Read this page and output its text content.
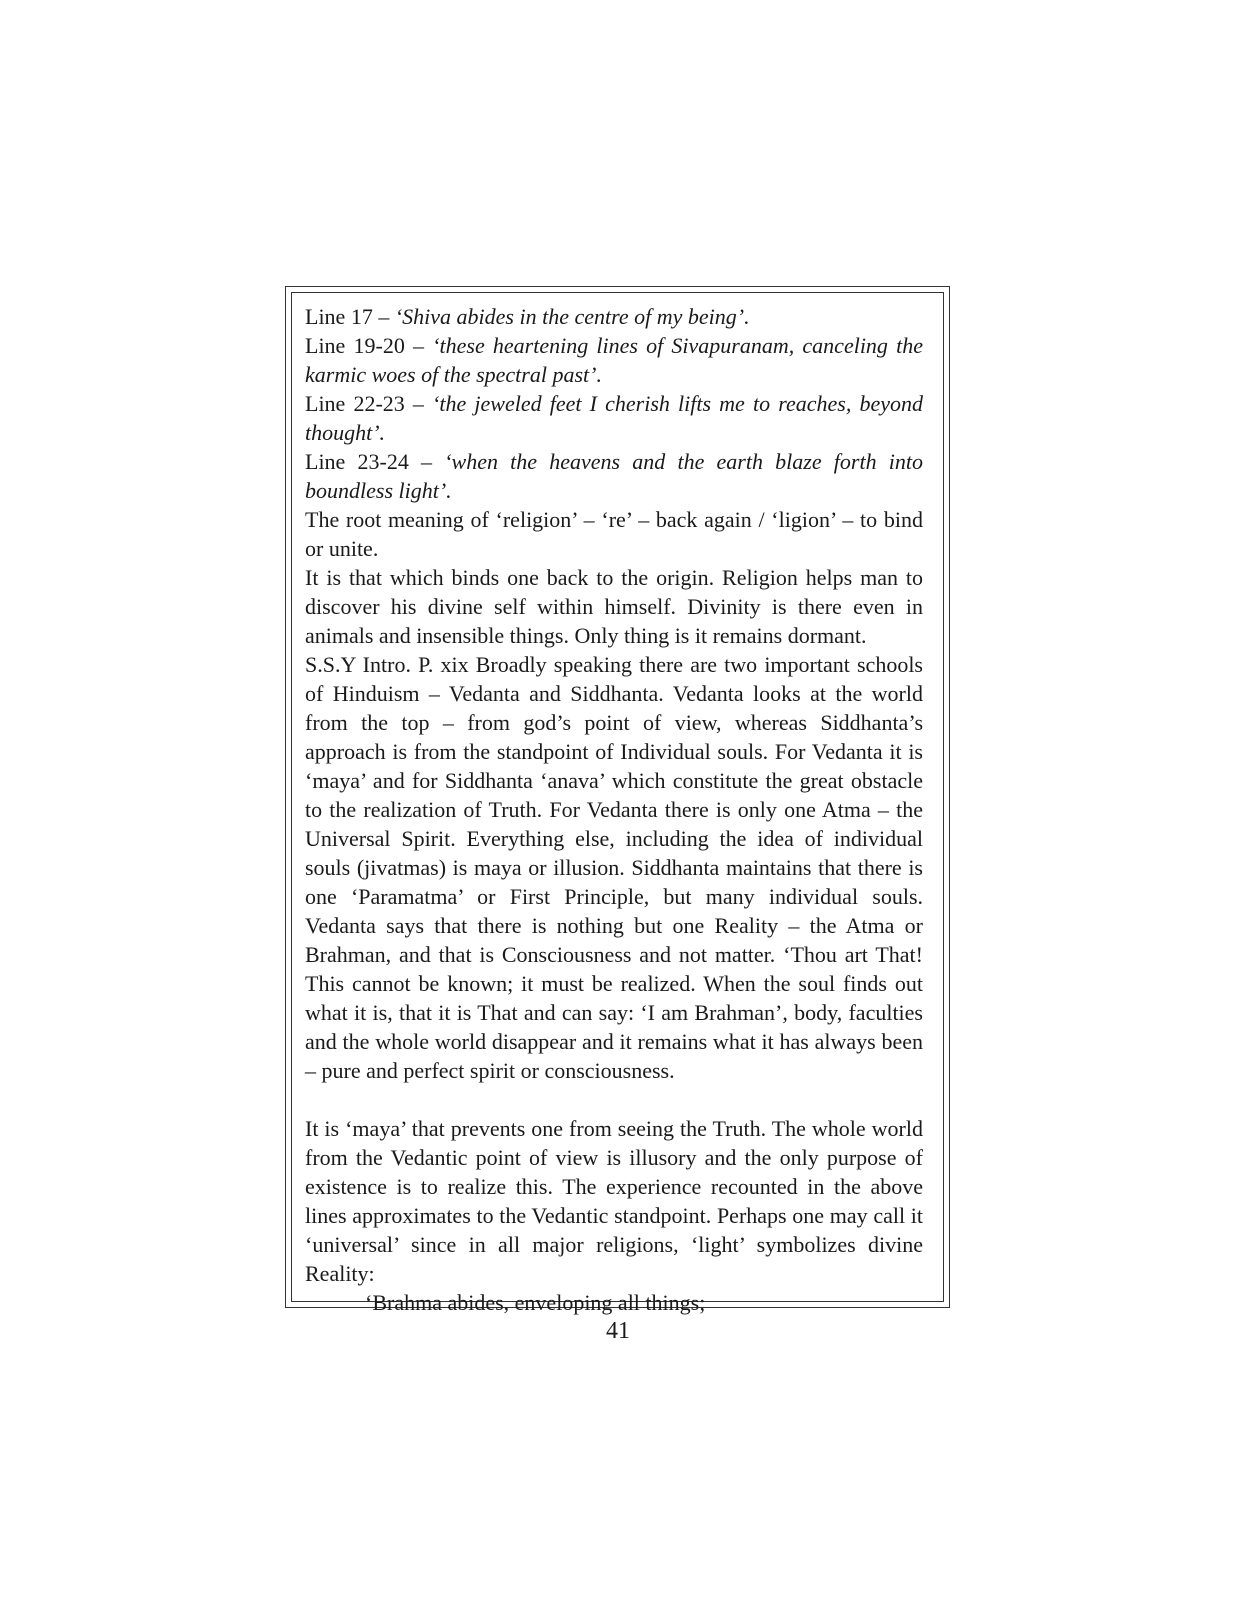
Line 17 – ‘Shiva abides in the centre of my being’.

Line 19-20 – ‘these heartening lines of Sivapuranam, canceling the karmic woes of the spectral past’.

Line 22-23 – ‘the jeweled feet I cherish lifts me to reaches, beyond thought’.

Line 23-24 – ‘when the heavens and the earth blaze forth into boundless light’.

The root meaning of ‘religion’ – ‘re’ – back again / ‘ligion’ – to bind or unite.

It is that which binds one back to the origin. Religion helps man to discover his divine self within himself. Divinity is there even in animals and insensible things. Only thing is it remains dormant.

S.S.Y Intro. P. xix Broadly speaking there are two important schools of Hinduism – Vedanta and Siddhanta. Vedanta looks at the world from the top – from god’s point of view, whereas Siddhanta’s approach is from the standpoint of Individual souls. For Vedanta it is ‘maya’ and for Siddhanta ‘anava’ which constitute the great obstacle to the realization of Truth. For Vedanta there is only one Atma – the Universal Spirit. Everything else, including the idea of individual souls (jivatmas) is maya or illusion. Siddhanta maintains that there is one ‘Paramatma’ or First Principle, but many individual souls. Vedanta says that there is nothing but one Reality – the Atma or Brahman, and that is Consciousness and not matter. ‘Thou art That! This cannot be known; it must be realized. When the soul finds out what it is, that it is That and can say: ‘I am Brahman’, body, faculties and the whole world disappear and it remains what it has always been – pure and perfect spirit or consciousness.

It is ‘maya’ that prevents one from seeing the Truth. The whole world from the Vedantic point of view is illusory and the only purpose of existence is to realize this. The experience recounted in the above lines approximates to the Vedantic standpoint. Perhaps one may call it ‘universal’ since in all major religions, ‘light’ symbolizes divine Reality:

‘Brahma abides, enveloping all things;

41
